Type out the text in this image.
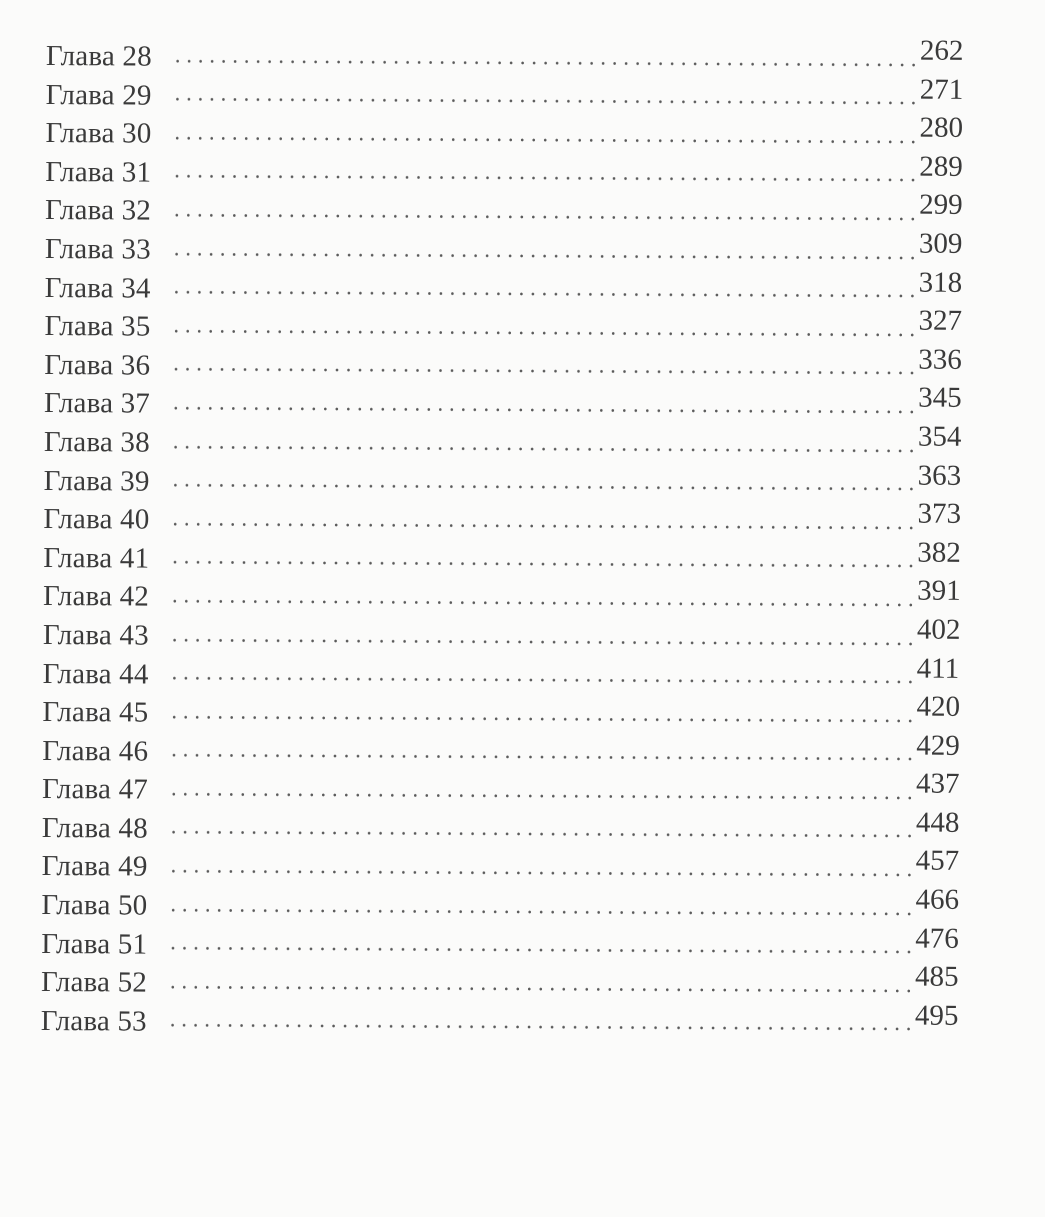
Глава 28	262
Глава 29	271
Глава 30	280
Глава 31	289
Глава 32	299
Глава 33	309
Глава 34	318
Глава 35	327
Глава 36	336
Глава 37	345
Глава 38	354
Глава 39	363
Глава 40	373
Глава 41	382
Глава 42	391
Глава 43	402
Глава 44	411
Глава 45	420
Глава 46	429
Глава 47	437
Глава 48	448
Глава 49	457
Глава 50	466
Глава 51	476
Глава 52	485
Глава 53	495
